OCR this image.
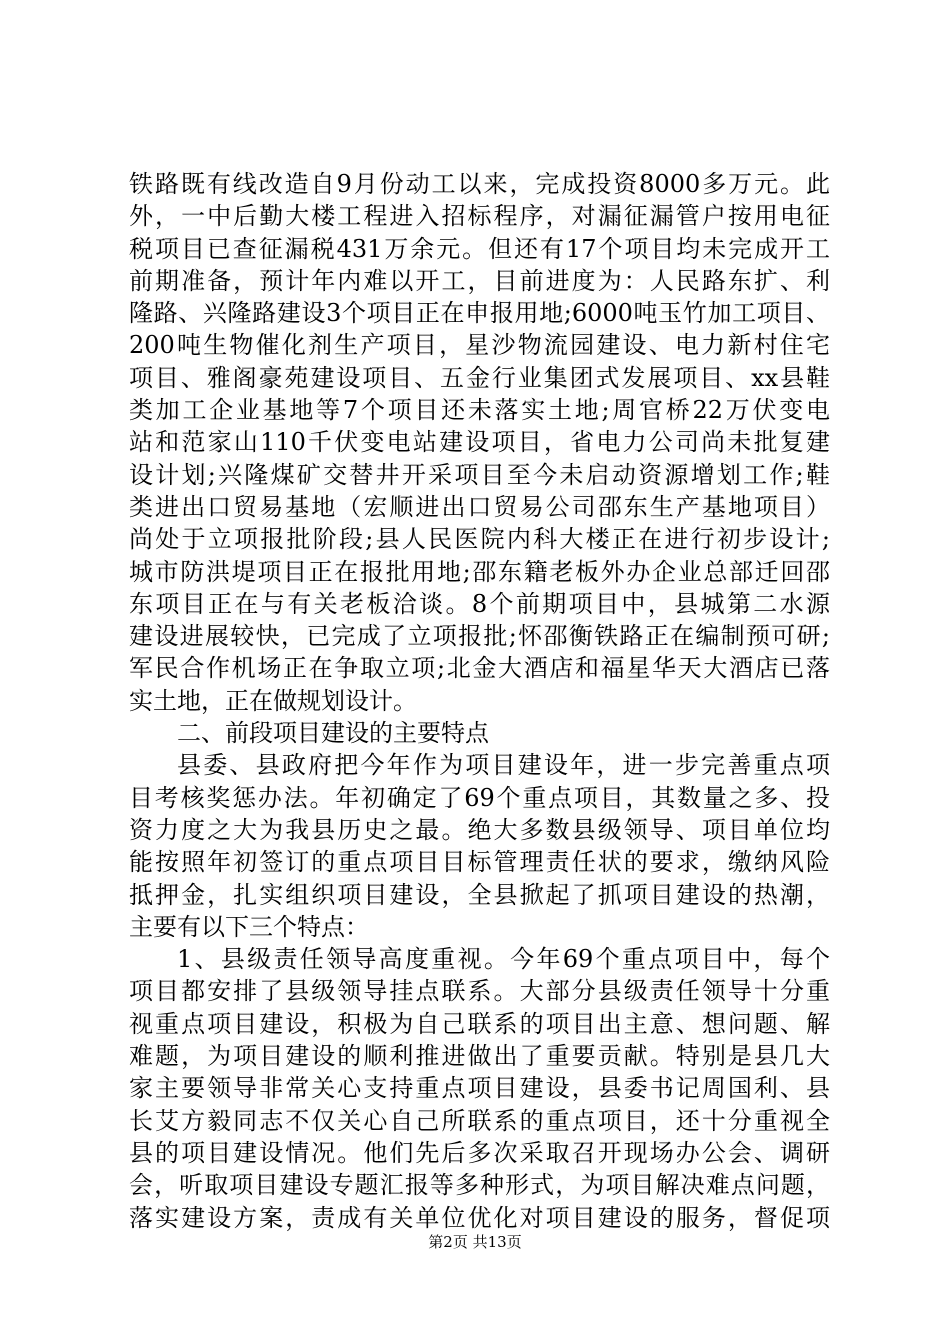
铁路既有线改造自9月份动工以来，完成投资8000多万元。此
外，一中后勤大楼工程进入招标程序，对漏征漏管户按用电征
税项目已查征漏税431万余元。但还有17个项目均未完成开工
前期准备，预计年内难以开工，目前进度为：人民路东扩、利
隆路、兴隆路建设3个项目正在申报用地;6000吨玉竹加工项目、
200吨生物催化剂生产项目，星沙物流园建设、电力新村住宅
项目、雅阁豪苑建设项目、五金行业集团式发展项目、xx县鞋
类加工企业基地等7个项目还未落实土地;周官桥22万伏变电
站和范家山110千伏变电站建设项目，省电力公司尚未批复建
设计划;兴隆煤矿交替井开采项目至今未启动资源增划工作;鞋
类进出口贸易基地（宏顺进出口贸易公司邵东生产基地项目）
尚处于立项报批阶段;县人民医院内科大楼正在进行初步设计;
城市防洪堤项目正在报批用地;邵东籍老板外办企业总部迁回邵
东项目正在与有关老板洽谈。8个前期项目中，县城第二水源
建设进展较快，已完成了立项报批;怀邵衡铁路正在编制预可研;
军民合作机场正在争取立项;北金大酒店和福星华天大酒店已落
实土地，正在做规划设计。
二、前段项目建设的主要特点
县委、县政府把今年作为项目建设年，进一步完善重点项
目考核奖惩办法。年初确定了69个重点项目，其数量之多、投
资力度之大为我县历史之最。绝大多数县级领导、项目单位均
能按照年初签订的重点项目目标管理责任状的要求，缴纳风险
抵押金，扎实组织项目建设，全县掀起了抓项目建设的热潮，
主要有以下三个特点：
1、县级责任领导高度重视。今年69个重点项目中，每个
项目都安排了县级领导挂点联系。大部分县级责任领导十分重
视重点项目建设，积极为自己联系的项目出主意、想问题、解
难题，为项目建设的顺利推进做出了重要贡献。特别是县几大
家主要领导非常关心支持重点项目建设，县委书记周国利、县
长艾方毅同志不仅关心自己所联系的重点项目，还十分重视全
县的项目建设情况。他们先后多次采取召开现场办公会、调研
会，听取项目建设专题汇报等多种形式，为项目解决难点问题，
落实建设方案，责成有关单位优化对项目建设的服务，督促项
第2页 共13页
